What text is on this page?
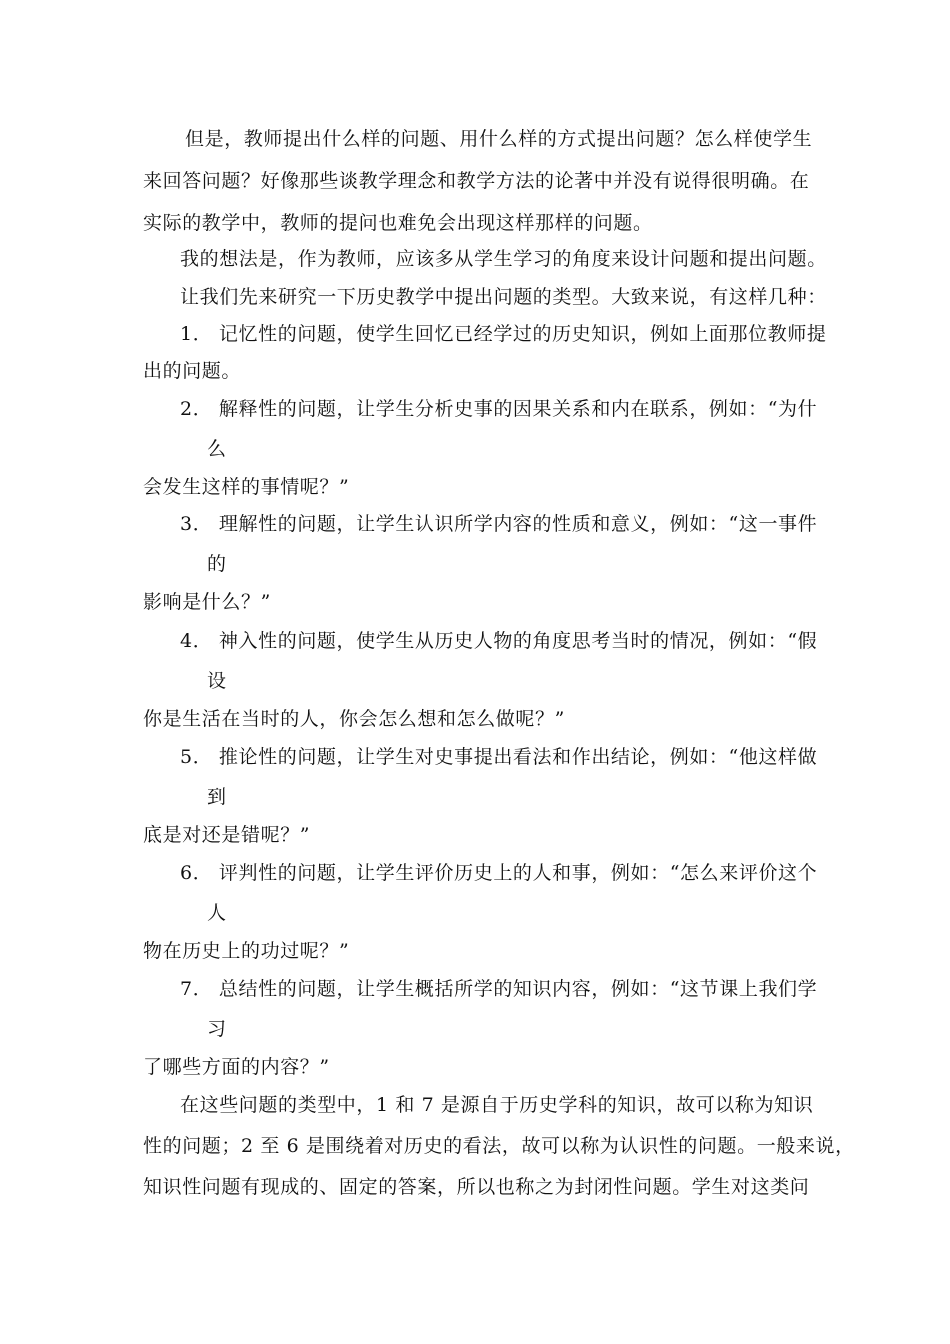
但是，教师提出什么样的问题、用什么样的方式提出问题？怎么样使学生
来回答问题？好像那些谈教学理念和教学方法的论著中并没有说得很明确。在
实际的教学中，教师的提问也难免会出现这样那样的问题。
我的想法是，作为教师，应该多从学生学习的角度来设计问题和提出问题。
让我们先来研究一下历史教学中提出问题的类型。大致来说，有这样几种：
1． 记忆性的问题，使学生回忆已经学过的历史知识，例如上面那位教师提
出的问题。
2． 解释性的问题，让学生分析史事的因果关系和内在联系，例如：“为什
么
会发生这样的事情呢？”
3． 理解性的问题，让学生认识所学内容的性质和意义，例如：“这一事件
的
影响是什么？”
4． 神入性的问题，使学生从历史人物的角度思考当时的情况，例如：“假
设
你是生活在当时的人，你会怎么想和怎么做呢？”
5． 推论性的问题，让学生对史事提出看法和作出结论，例如：“他这样做
到
底是对还是错呢？”
6． 评判性的问题，让学生评价历史上的人和事，例如：“怎么来评价这个
人
物在历史上的功过呢？”
7． 总结性的问题，让学生概括所学的知识内容，例如：“这节课上我们学
习
了哪些方面的内容？”
在这些问题的类型中，1 和 7 是源自于历史学科的知识，故可以称为知识
性的问题；2 至 6 是围绕着对历史的看法，故可以称为认识性的问题。一般来说，
知识性问题有现成的、固定的答案，所以也称之为封闭性问题。学生对这类问
